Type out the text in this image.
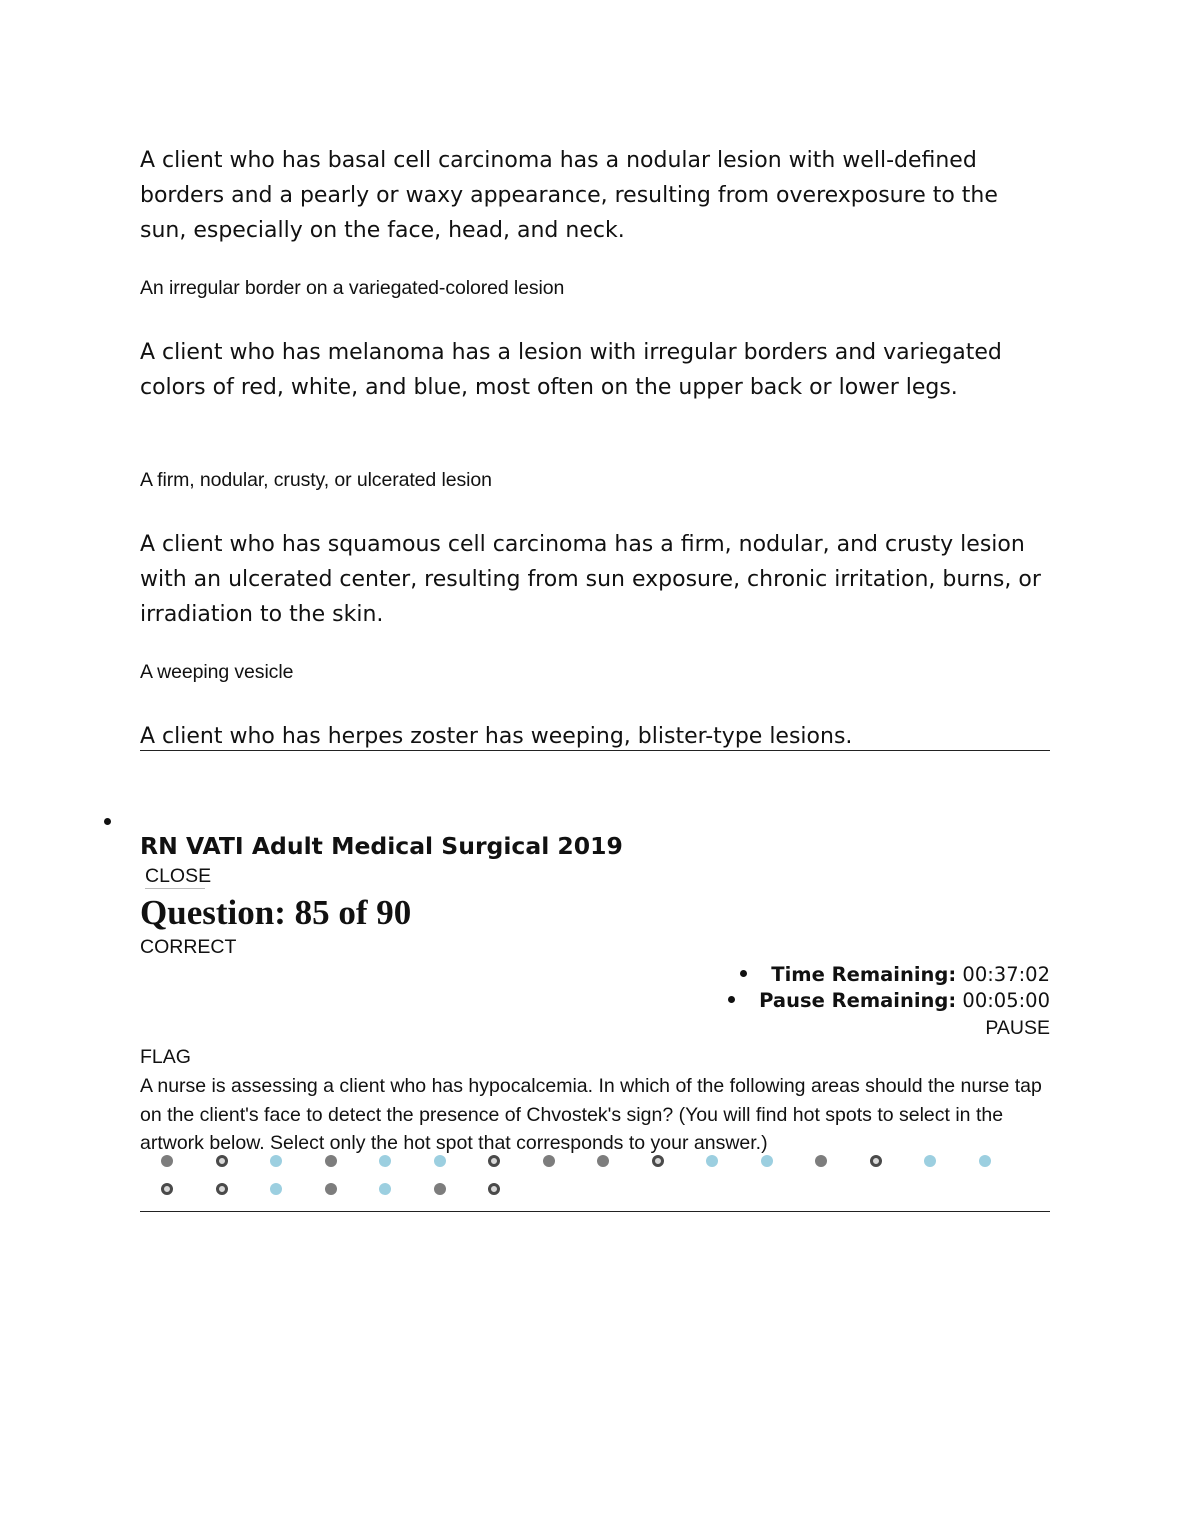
A client who has basal cell carcinoma has a nodular lesion with well-defined borders and a pearly or waxy appearance, resulting from overexposure to the sun, especially on the face, head, and neck.

An irregular border on a variegated-colored lesion

A client who has melanoma has a lesion with irregular borders and variegated colors of red, white, and blue, most often on the upper back or lower legs.

A firm, nodular, crusty, or ulcerated lesion

A client who has squamous cell carcinoma has a firm, nodular, and crusty lesion with an ulcerated center, resulting from sun exposure, chronic irritation, burns, or irradiation to the skin.

A weeping vesicle

A client who has herpes zoster has weeping, blister-type lesions.

RN VATI Adult Medical Surgical 2019
CLOSE
Question: 85 of 90
CORRECT
Time Remaining: 00:37:02
Pause Remaining: 00:05:00
PAUSE
FLAG

A nurse is assessing a client who has hypocalcemia. In which of the following areas should the nurse tap on the client's face to detect the presence of Chvostek's sign? (You will find hot spots to select in the artwork below. Select only the hot spot that corresponds to your answer.)
